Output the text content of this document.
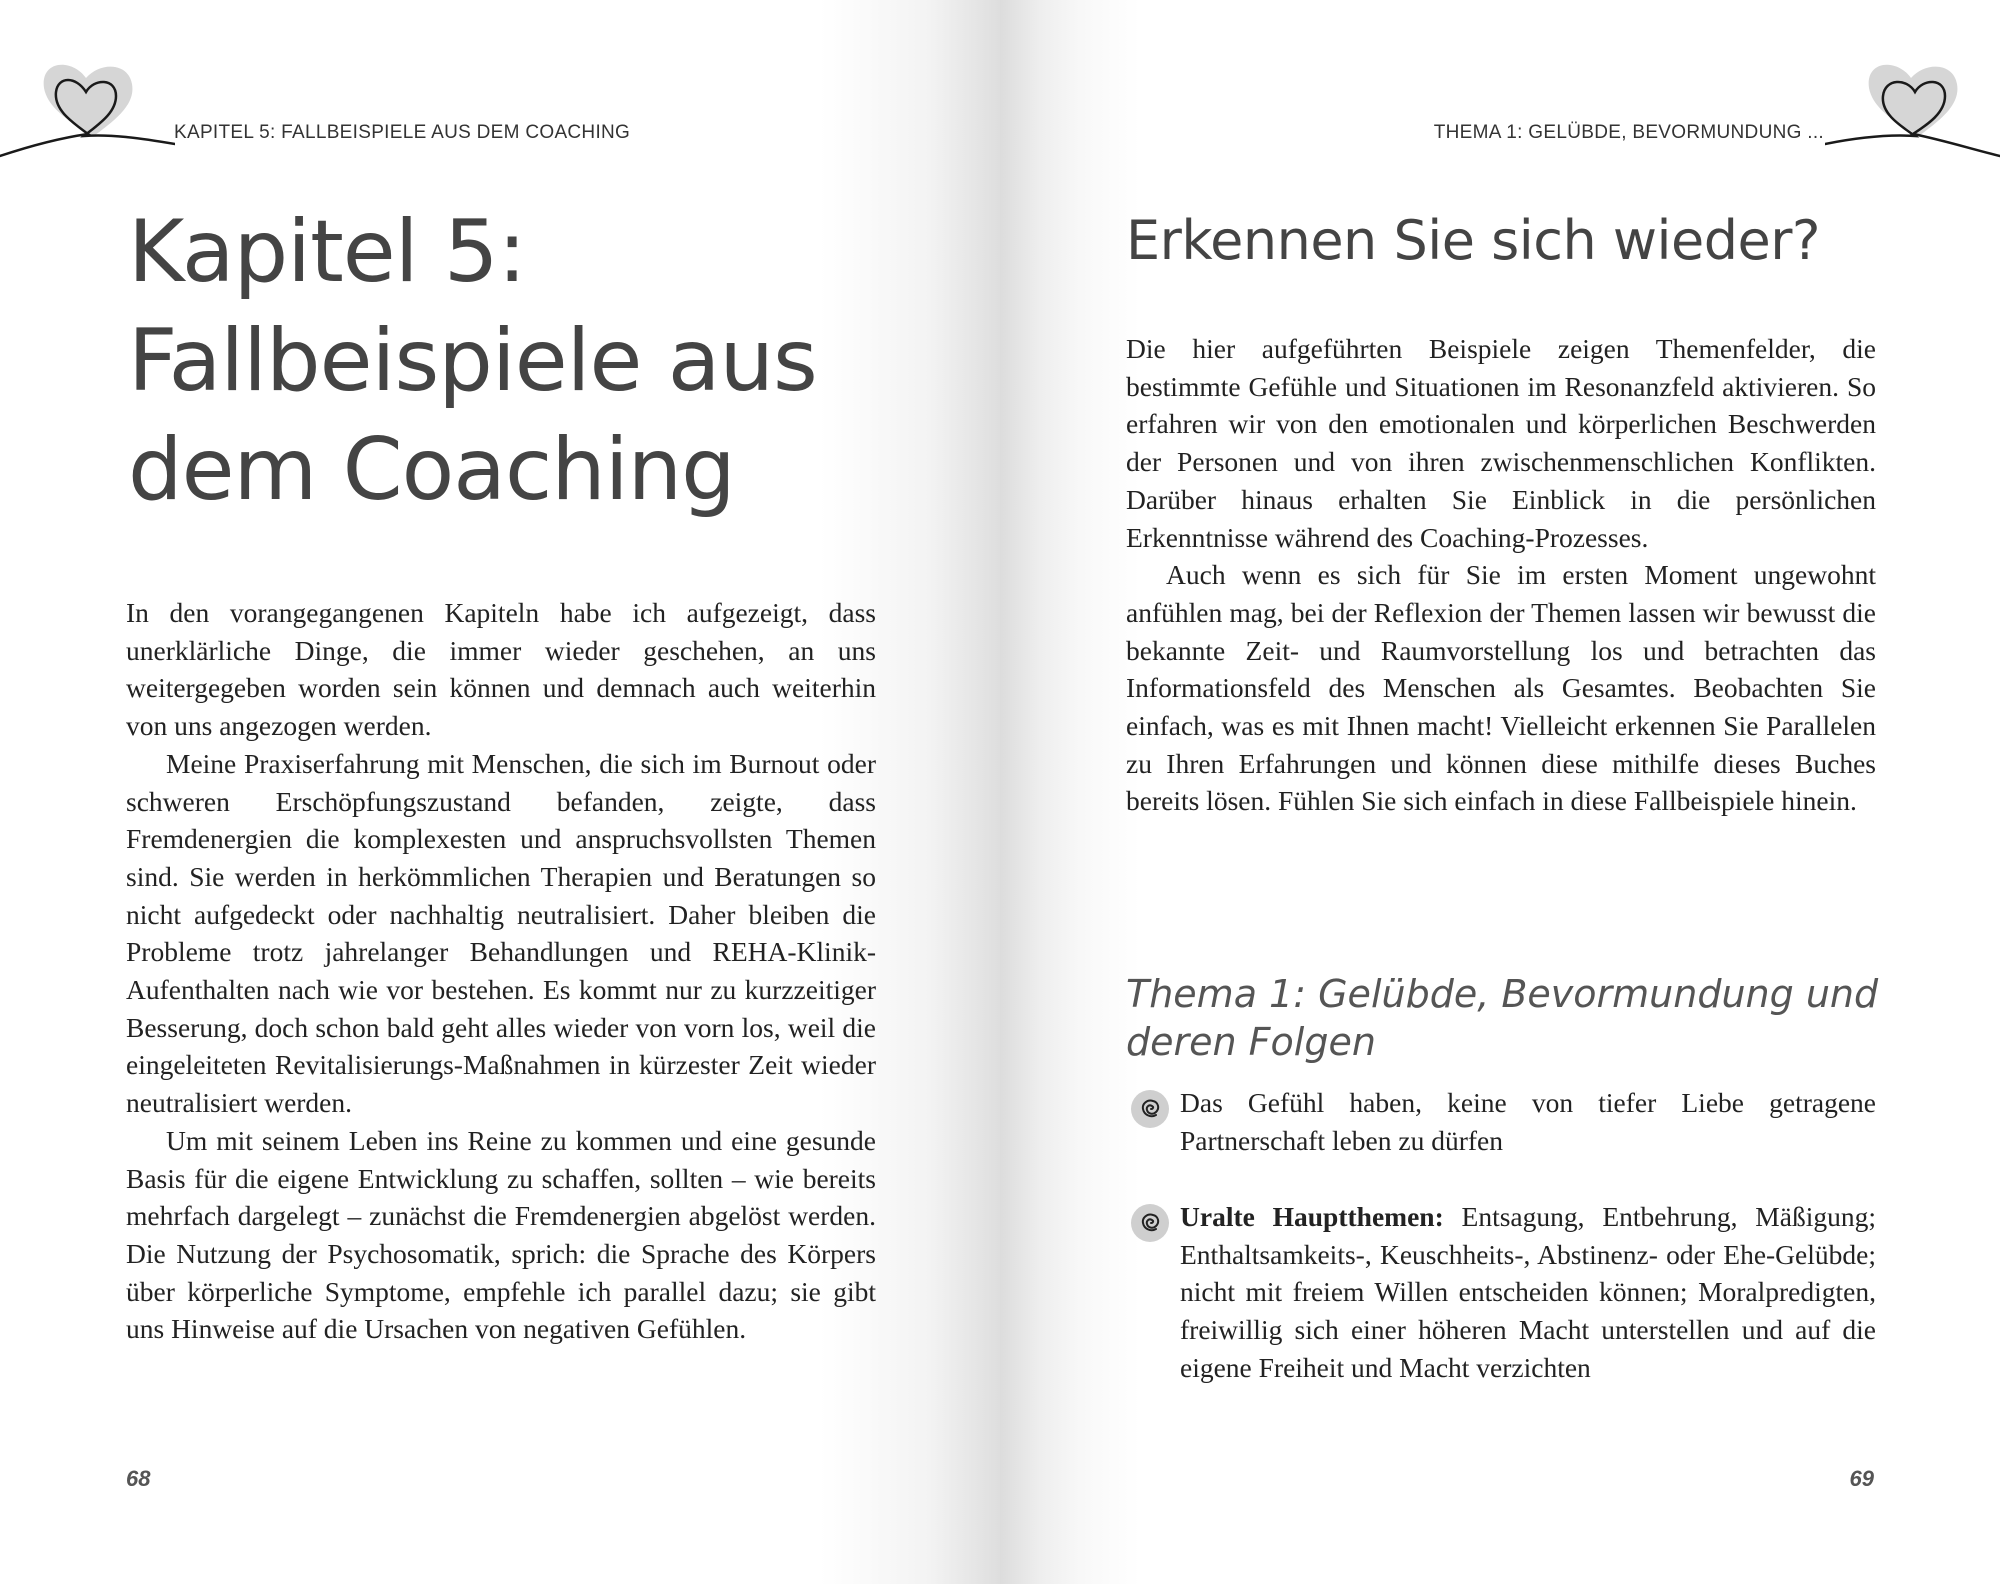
KAPITEL 5: FALLBEISPIELE AUS DEM COACHING
Kapitel 5:
Fallbeispiele aus
dem Coaching

In den vorangegangenen Kapiteln habe ich aufgezeigt, dass unerklärliche Dinge, die immer wieder geschehen, an uns weitergegeben worden sein können und demnach auch weiterhin von uns angezogen werden.

Meine Praxiserfahrung mit Menschen, die sich im Burnout oder schweren Erschöpfungszustand befanden, zeigte, dass Fremdenergien die komplexesten und anspruchsvollsten Themen sind. Sie werden in herkömmlichen Therapien und Beratungen so nicht aufgedeckt oder nachhaltig neutralisiert. Daher bleiben die Probleme trotz jahrelanger Behandlungen und REHA-Klinik-Aufenthalten nach wie vor bestehen. Es kommt nur zu kurzzeitiger Besserung, doch schon bald geht alles wieder von vorn los, weil die eingeleiteten Revitalisierungs-Maßnahmen in kürzester Zeit wieder neutralisiert werden.

Um mit seinem Leben ins Reine zu kommen und eine gesunde Basis für die eigene Entwicklung zu schaffen, sollten – wie bereits mehrfach dargelegt – zunächst die Fremdenergien abgelöst werden. Die Nutzung der Psychosomatik, sprich: die Sprache des Körpers über körperliche Symptome, empfehle ich parallel dazu; sie gibt uns Hinweise auf die Ursachen von negativen Gefühlen.

68
THEMA 1: GELÜBDE, BEVORMUNDUNG ...
Erkennen Sie sich wieder?

Die hier aufgeführten Beispiele zeigen Themenfelder, die bestimmte Gefühle und Situationen im Resonanzfeld aktivieren. So erfahren wir von den emotionalen und körperlichen Beschwerden der Personen und von ihren zwischenmenschlichen Konflikten. Darüber hinaus erhalten Sie Einblick in die persönlichen Erkenntnisse während des Coaching-Prozesses.

Auch wenn es sich für Sie im ersten Moment ungewohnt anfühlen mag, bei der Reflexion der Themen lassen wir bewusst die bekannte Zeit- und Raumvorstellung los und betrachten das Informationsfeld des Menschen als Gesamtes. Beobachten Sie einfach, was es mit Ihnen macht! Vielleicht erkennen Sie Parallelen zu Ihren Erfahrungen und können diese mithilfe dieses Buches bereits lösen. Fühlen Sie sich einfach in diese Fallbeispiele hinein.

Thema 1: Gelübde, Bevormundung und
deren Folgen
Das Gefühl haben, keine von tiefer Liebe getragene Partnerschaft leben zu dürfen
Uralte Hauptthemen: Entsagung, Entbehrung, Mäßigung; Enthaltsamkeits-, Keuschheits-, Abstinenz- oder Ehe-Gelübde; nicht mit freiem Willen entscheiden können; Moralpredigten, freiwillig sich einer höheren Macht unterstellen und auf die eigene Freiheit und Macht verzichten
69
